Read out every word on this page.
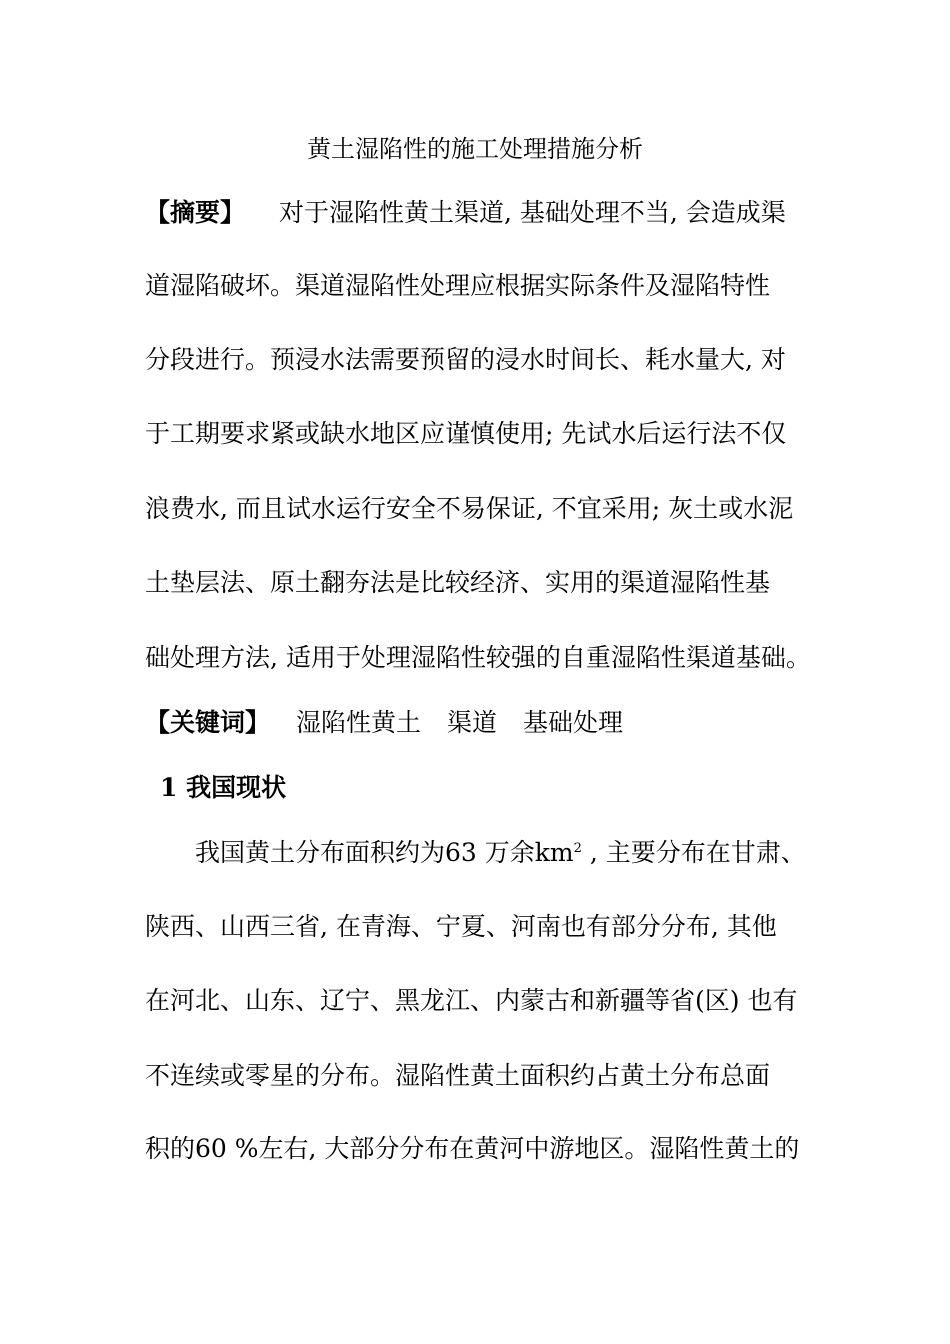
黄土湿陷性的施工处理措施分析
【摘要】 对于湿陷性黄土渠道, 基础处理不当, 会造成渠
道湿陷破坏。渠道湿陷性处理应根据实际条件及湿陷特性
分段进行。预浸水法需要预留的浸水时间长、耗水量大, 对
于工期要求紧或缺水地区应谨慎使用; 先试水后运行法不仅
浪费水, 而且试水运行安全不易保证, 不宜采用; 灰土或水泥
土垫层法、原土翻夯法是比较经济、实用的渠道湿陷性基
础处理方法, 适用于处理湿陷性较强的自重湿陷性渠道基础。
【关键词】 湿陷性黄土 渠道 基础处理
1 我国现状
我国黄土分布面积约为63 万余$km^2$ , 主要分布在甘肃、
陕西、山西三省, 在青海、宁夏、河南也有部分分布, 其他
在河北、山东、辽宁、黑龙江、内蒙古和新疆等省(区) 也有
不连续或零星的分布。湿陷性黄土面积约占黄土分布总面
积的60 %左右, 大部分分布在黄河中游地区。湿陷性黄土的
